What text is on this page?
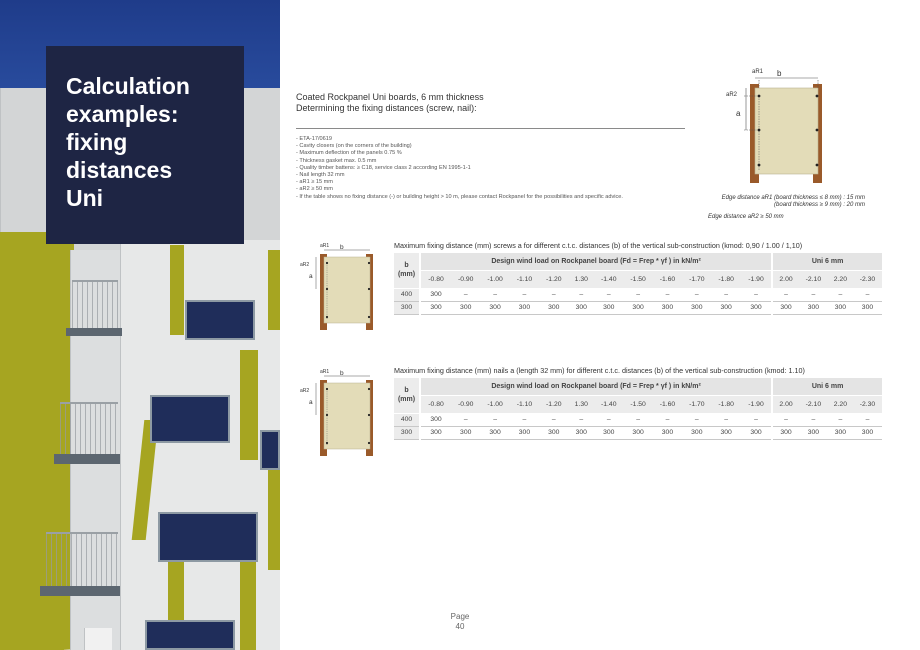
Calculation
examples:
fixing
distances
Uni
Coated Rockpanel Uni boards, 6 mm thickness
Determining the fixing distances (screw, nail):
- ETA-17/0619
- Cavity closers (on the corners of the building)
- Maximum deflection of the panels 0.75 %
- Thickness gasket max. 0.5 mm
- Quality timber battens: ≥ C18, service class 2 according EN 1995-1-1
- Nail length 32 mm
- aR1 ≥ 15 mm
- aR2 ≥ 50 mm
- If the table shows no fixing distance (-) or building height > 10 m, please contact Rockpanel for the possibilities and specific advice.
aR1 b
aR2
a
Edge distance aR1 (board thickness ≤ 8 mm) : 15 mm
(board thickness ≥ 9 mm) : 20 mm
Edge distance aR2 ≥ 50 mm
aR1 b
aR2
a
Maximum fixing distance (mm) screws a for different c.t.c. distances (b) of the vertical sub-construction (kmod: 0,90 / 1.00 / 1,10)
b
(mm)	Design wind load on Rockpanel board (Fd = Frep * γf ) in kN/m²												Uni 6 mm			
	-0.80	-0.90	-1.00	-1.10	-1.20	1.30	-1.40	-1.50	-1.60	-1.70	-1.80	-1.90	2.00	-2.10	2.20	-2.30
400	300	–	–	–	–	–	–	–	–	–	–	–	–	–	–	–
300	300	300	300	300	300	300	300	300	300	300	300	300	300	300	300	300
aR1 b
aR2
a
Maximum fixing distance (mm) nails a (length 32 mm) for different c.t.c. distances (b) of the vertical sub-construction (kmod: 1.10)
b
(mm)	Design wind load on Rockpanel board (Fd = Frep * γf ) in kN/m²												Uni 6 mm			
	-0.80	-0.90	-1.00	-1.10	-1.20	1.30	-1.40	-1.50	-1.60	-1.70	-1.80	-1.90	2.00	-2.10	2.20	-2.30
400	300	–	–	–	–	–	–	–	–	–	–	–	–	–	–	–
300	300	300	300	300	300	300	300	300	300	300	300	300	300	300	300	300
Page
40
